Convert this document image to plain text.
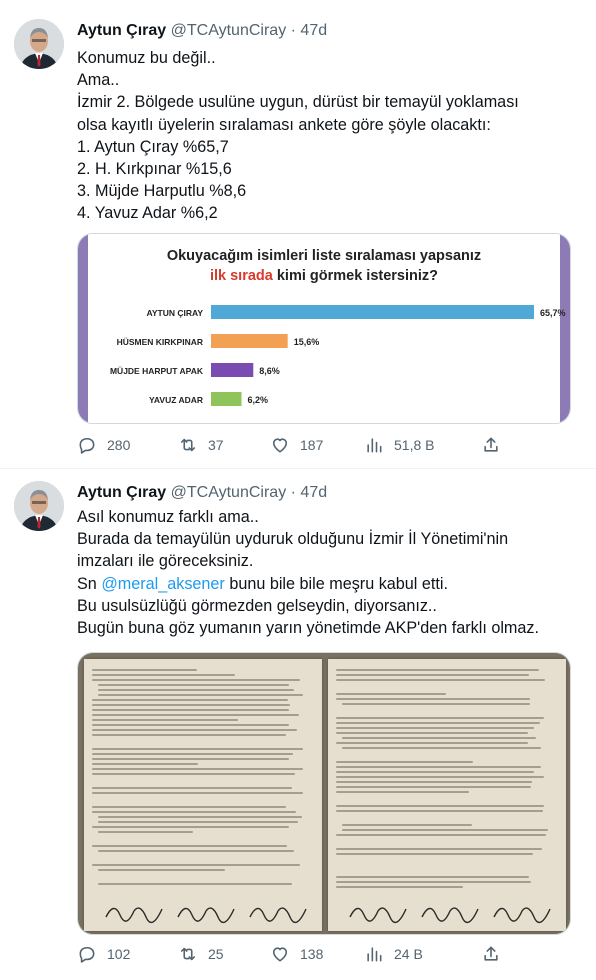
Aytun Çıray @TCAytunCiray · 47d
Konumuz bu değil..
Ama..
İzmir 2. Bölgede usulüne uygun, dürüst bir temayül yoklaması
olsa kayıtlı üyelerin sıralaması ankete göre şöyle olacaktı:
1. Aytun Çıray %65,7
2. H. Kırkpınar %15,6
3. Müjde Harputlu %8,6
4. Yavuz Adar %6,2
Okuyacağım isimleri liste sıralaması yapsanız
ilk sırada kimi görmek istersiniz?
AYTUN ÇIRAY	65,7%
HÜSMEN KIRKPINAR	15,6%
MÜJDE HARPUT APAK	8,6%
YAVUZ ADAR	6,2%
280	37	187	51,8 B
Aytun Çıray @TCAytunCiray · 47d
Asıl konumuz farklı ama..
Burada da temayülün uyduruk olduğunu İzmir İl Yönetimi'nin
imzaları ile göreceksiniz.
Sn @meral_aksener bunu bile bile meşru kabul etti.
Bu usulsüzlüğü görmezden gelseydin, diyorsanız..
Bugün buna göz yumanın yarın yönetimde AKP'den farklı olmaz.
102	25	138	24 B
